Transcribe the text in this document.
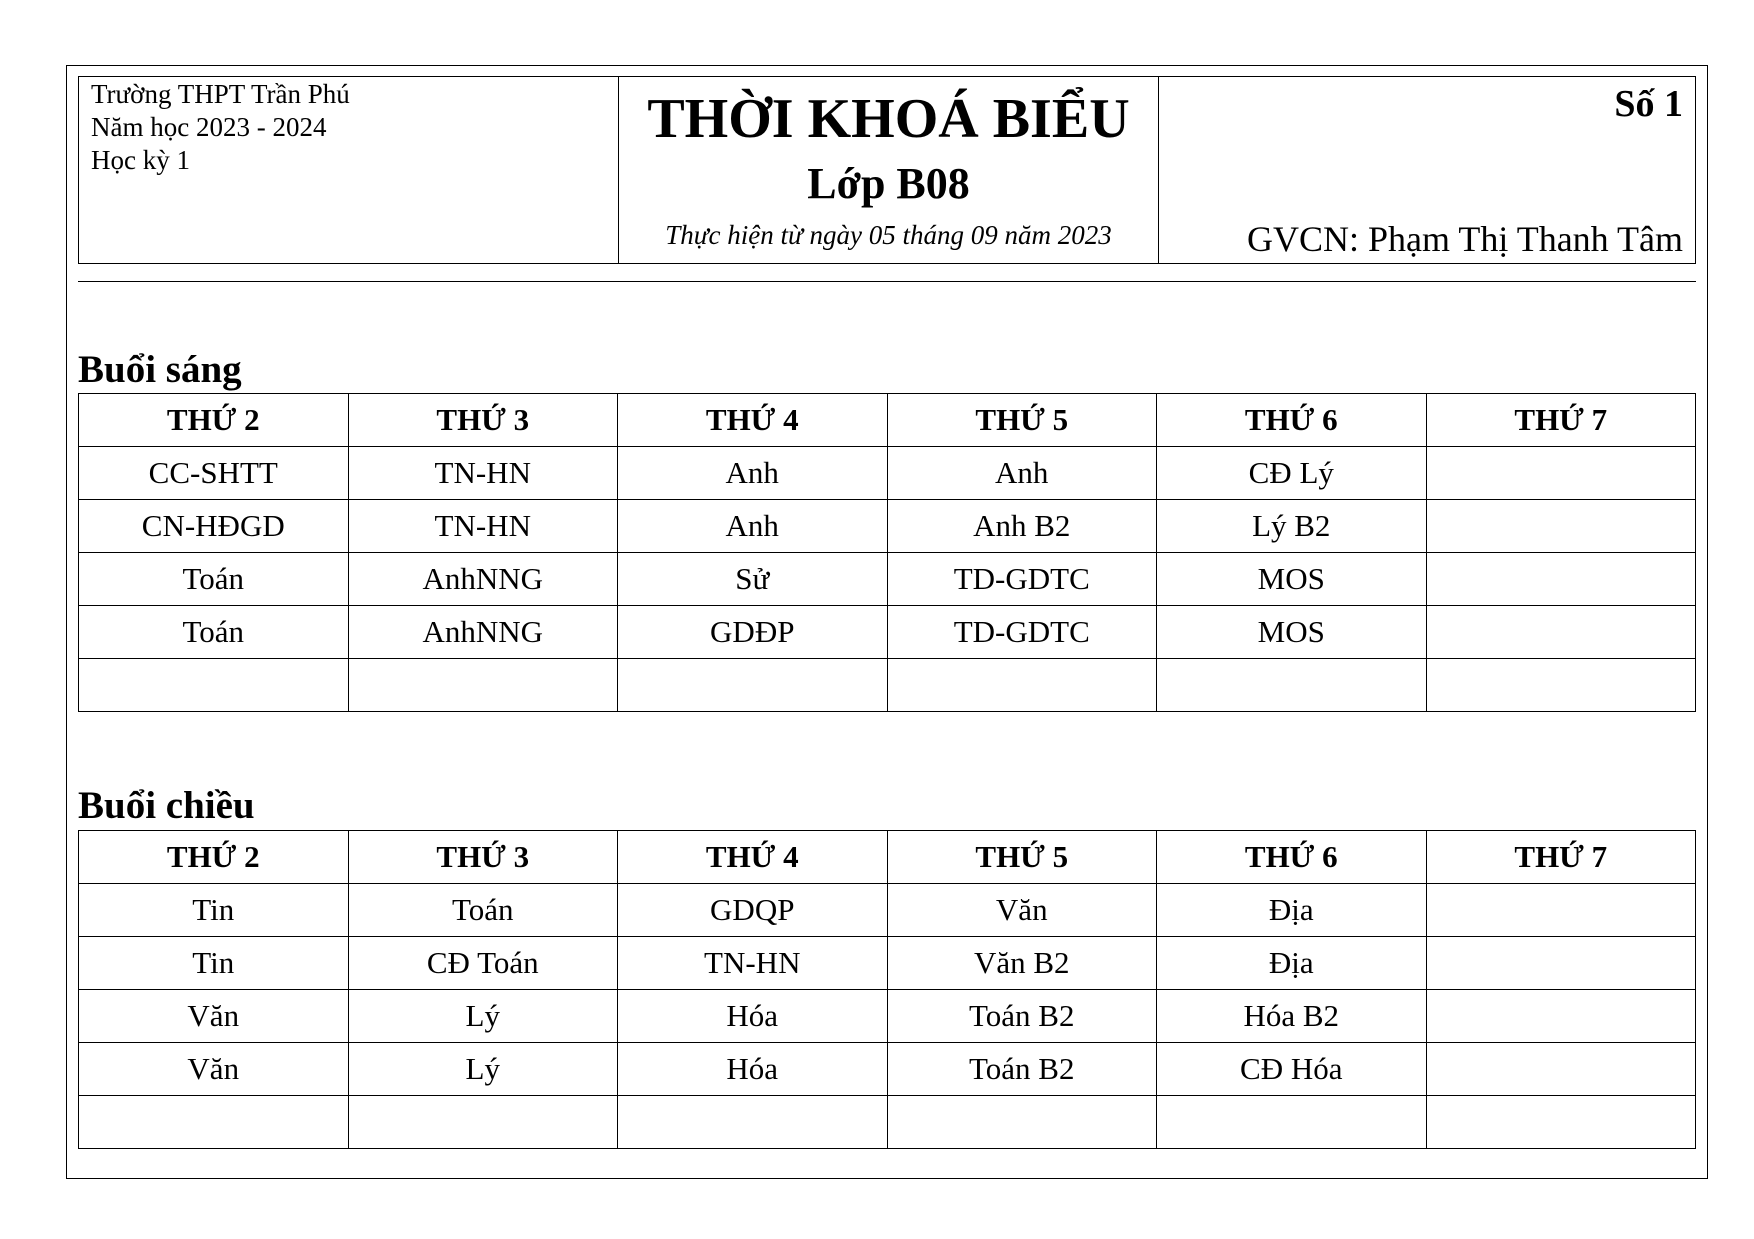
Trường THPT Trần Phú
Năm học 2023 - 2024
Học kỳ 1
THỜI KHOÁ BIỂU
Lớp B08
Thực hiện từ ngày 05 tháng 09 năm 2023
Số 1
GVCN: Phạm Thị Thanh Tâm
Buổi sáng
THỨ 2	THỨ 3	THỨ 4	THỨ 5	THỨ 6	THỨ 7
CC-SHTT	TN-HN	Anh	Anh	CĐ Lý	
CN-HĐGD	TN-HN	Anh	Anh B2	Lý B2	
Toán	AnhNNG	Sử	TD-GDTC	MOS	
Toán	AnhNNG	GDĐP	TD-GDTC	MOS	

Buổi chiều
THỨ 2	THỨ 3	THỨ 4	THỨ 5	THỨ 6	THỨ 7
Tin	Toán	GDQP	Văn	Địa	
Tin	CĐ Toán	TN-HN	Văn B2	Địa	
Văn	Lý	Hóa	Toán B2	Hóa B2	
Văn	Lý	Hóa	Toán B2	CĐ Hóa	
